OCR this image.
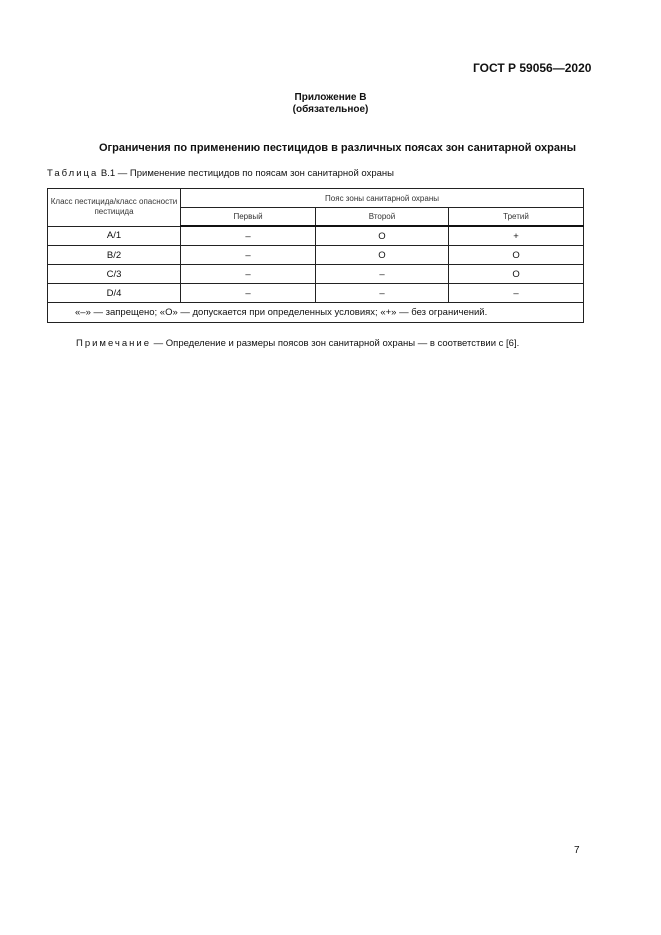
ГОСТ Р 59056—2020
Приложение В
(обязательное)
Ограничения по применению пестицидов в различных поясах зон санитарной охраны
Таблица В.1 — Применение пестицидов по поясам зон санитарной охраны
Класс пестицида/класс опасности пестицида	Пояс зоны санитарной охраны		
	Первый	Второй	Третий
А/1	–	О	+
В/2	–	О	О
С/3	–	–	О
D/4	–	–	–
«–» — запрещено; «О» — допускается при определенных условиях; «+» — без ограничений.			
Примечание — Определение и размеры поясов зон санитарной охраны — в соответствии с [6].
7
